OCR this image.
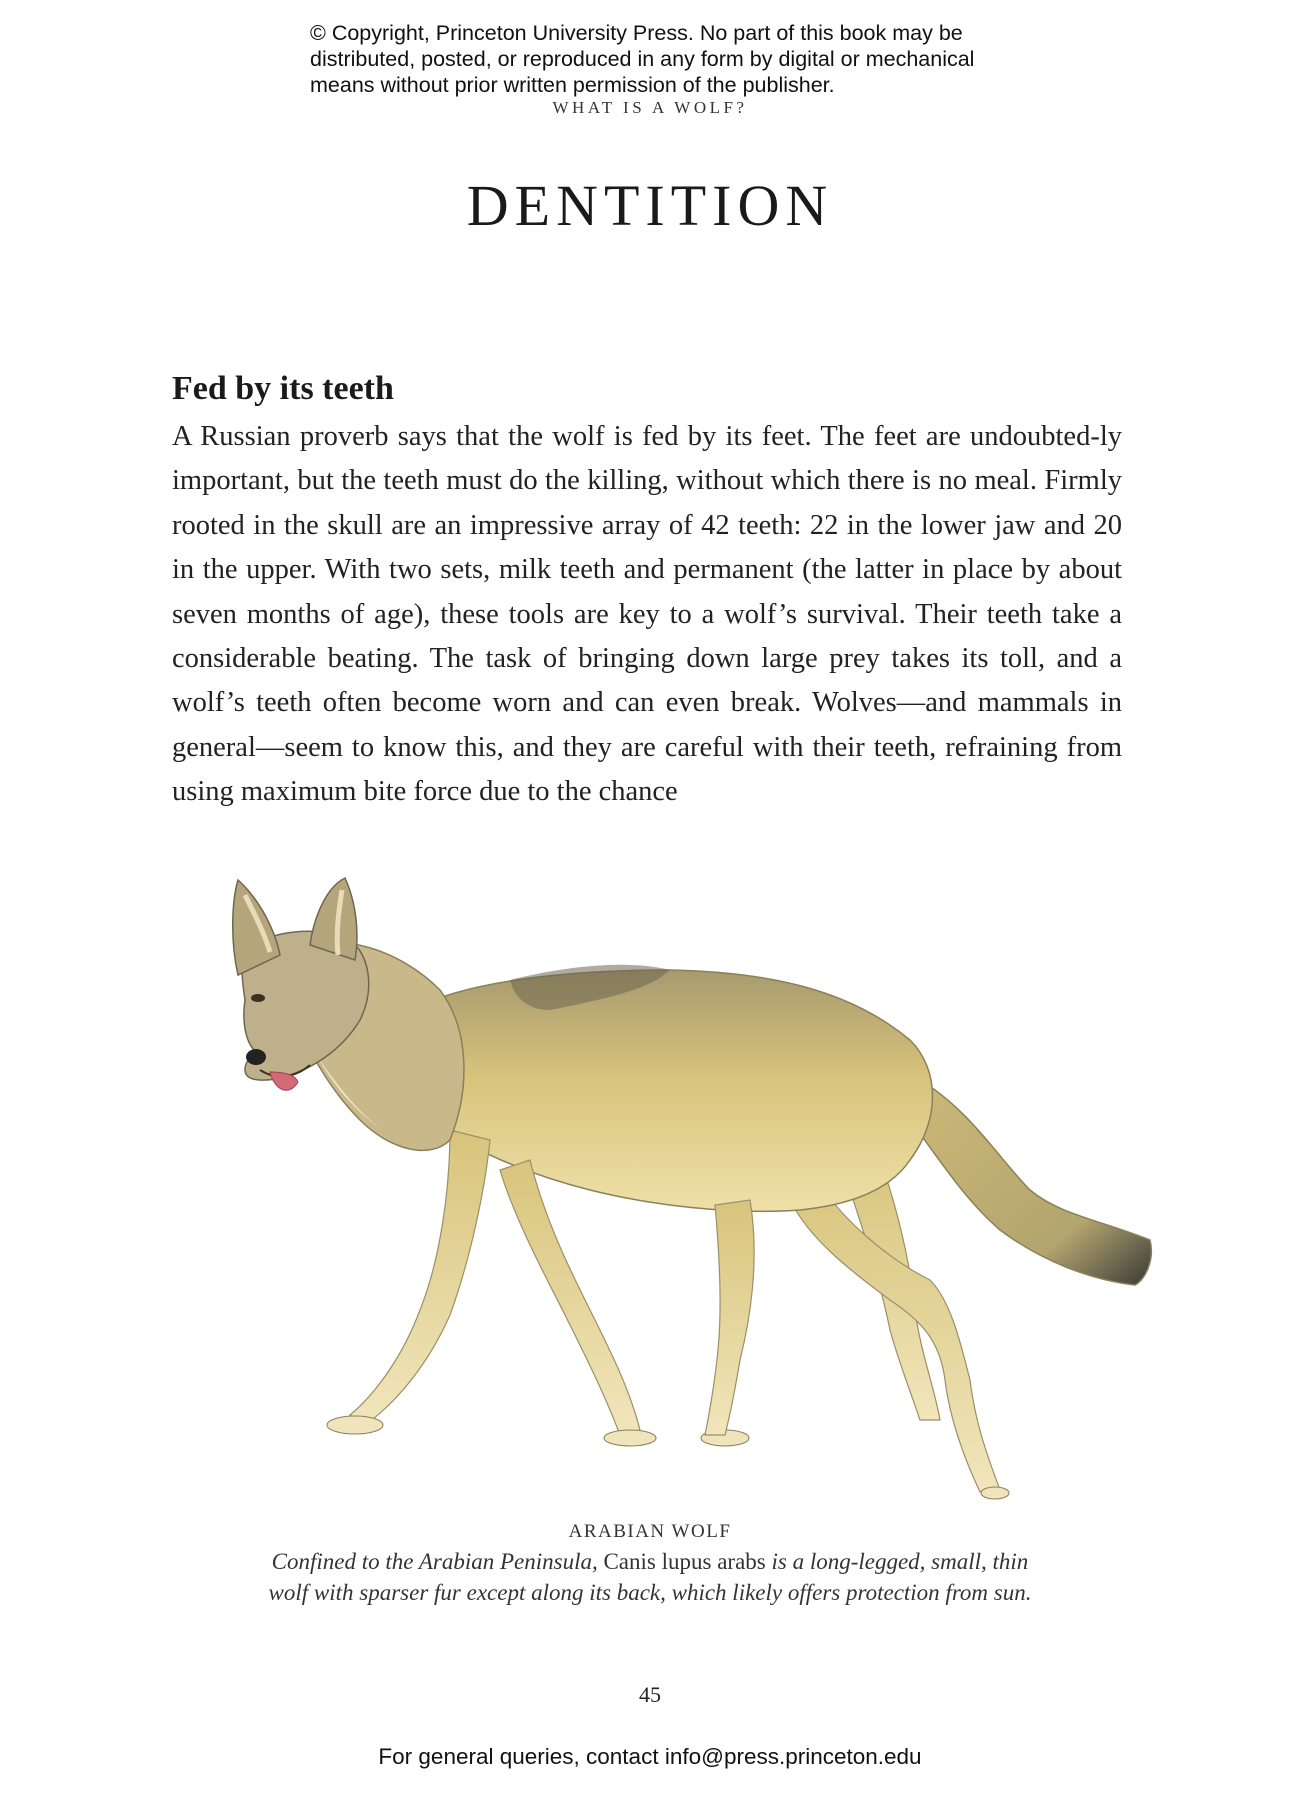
© Copyright, Princeton University Press. No part of this book may be
distributed, posted, or reproduced in any form by digital or mechanical
means without prior written permission of the publisher.
WHAT IS A WOLF?
DENTITION
Fed by its teeth

A Russian proverb says that the wolf is fed by its feet. The feet are undoubted-ly important, but the teeth must do the killing, without which there is no meal. Firmly rooted in the skull are an impressive array of 42 teeth: 22 in the lower jaw and 20 in the upper. With two sets, milk teeth and permanent (the latter in place by about seven months of age), these tools are key to a wolf’s survival. Their teeth take a considerable beating. The task of bringing down large prey takes its toll, and a wolf’s teeth often become worn and can even break. Wolves—and mammals in general—seem to know this, and they are careful with their teeth, refraining from using maximum bite force due to the chance

ARABIAN WOLF
Confined to the Arabian Peninsula, Canis lupus arabs is a long-legged, small, thin wolf with sparser fur except along its back, which likely offers protection from sun.
45
For general queries, contact info@press.princeton.edu
